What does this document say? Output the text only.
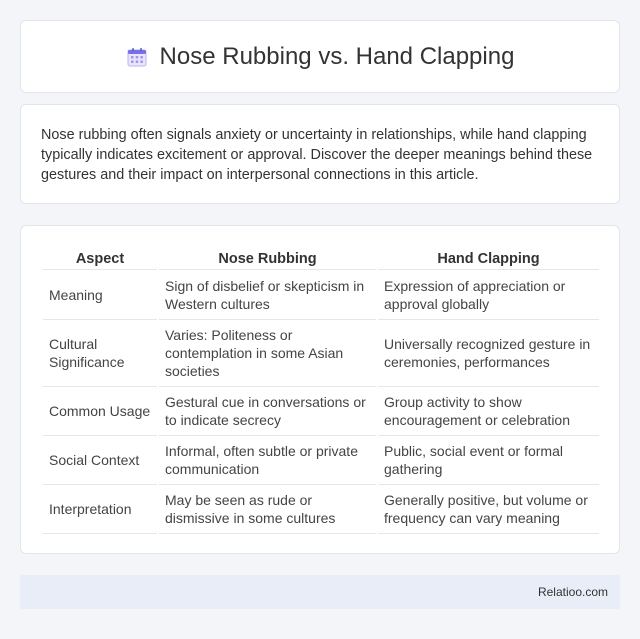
Nose Rubbing vs. Hand Clapping

Nose rubbing often signals anxiety or uncertainty in relationships, while hand clapping typically indicates excitement or approval. Discover the deeper meanings behind these gestures and their impact on interpersonal connections in this article.

Aspect		Nose Rubbing		Hand Clapping
Meaning		Sign of disbelief or skepticism in Western cultures		Expression of appreciation or approval globally
Cultural Significance		Varies: Politeness or contemplation in some Asian societies		Universally recognized gesture in ceremonies, performances
Common Usage		Gestural cue in conversations or to indicate secrecy		Group activity to show encouragement or celebration
Social Context		Informal, often subtle or private communication		Public, social event or formal gathering
Interpretation		May be seen as rude or dismissive in some cultures		Generally positive, but volume or frequency can vary meaning
Relatioo.com
